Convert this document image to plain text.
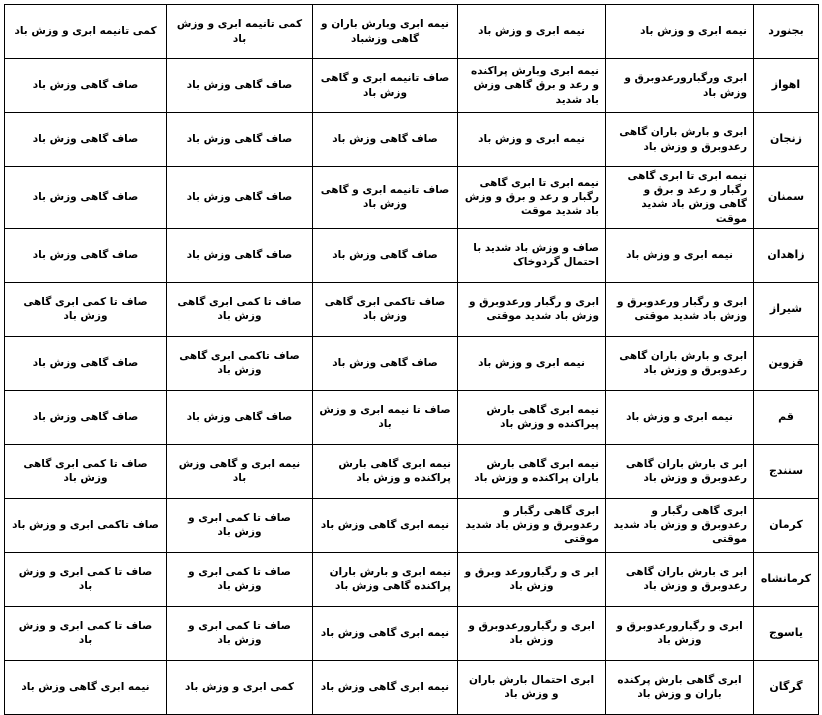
بجنورد	نیمه ابری و وزش باد	نیمه ابری و وزش باد	نیمه ابری وبارش باران و گاهی وزشباد	کمی تانیمه ابری و وزش باد	کمی تانیمه ابری و وزش باد
اهواز	ابری ورگبارورعدوبرق و وزش باد	نیمه ابری وبارش پراکنده و رعد و برق گاهی وزش باد شدید	صاف تانیمه ابری و گاهی وزش باد	صاف گاهی وزش باد	صاف گاهی وزش باد
زنجان	ابری و بارش باران گاهی رعدوبرق و وزش باد	نیمه ابری و وزش باد	صاف گاهی وزش باد	صاف گاهی وزش باد	صاف گاهی وزش باد
سمنان	نیمه ابری تا ابری گاهی رگبار و رعد و برق و گاهی وزش باد شدید موقت	نیمه ابری تا ابری گاهی رگبار و رعد و برق و وزش باد شدید موقت	صاف تانیمه ابری و گاهی وزش باد	صاف گاهی وزش باد	صاف گاهی وزش باد
زاهدان	نیمه ابری و وزش باد	صاف و وزش باد شدید با احتمال گردوخاک	صاف گاهی وزش باد	صاف گاهی وزش باد	صاف گاهی وزش باد
شیراز	ابری و رگبار ورعدوبرق و وزش باد شدید موقتی	ابری و رگبار ورعدوبرق و وزش باد شدید موقتی	صاف تاکمی ابری گاهی وزش باد	صاف تا کمی ابری گاهی وزش باد	صاف تا کمی ابری گاهی وزش باد
قزوین	ابری و بارش باران گاهی رعدوبرق و وزش باد	نیمه ابری و وزش باد	صاف گاهی وزش باد	صاف تاکمی ابری گاهی وزش باد	صاف گاهی وزش باد
قم	نیمه ابری و وزش باد	نیمه ابری گاهی بارش پیراکنده و وزش باد	صاف تا نیمه ابری و وزش باد	صاف گاهی وزش باد	صاف گاهی وزش باد
سنندج	ابر ی بارش باران گاهی رعدوبرق و وزش باد	نیمه ابری گاهی بارش باران پراکنده و وزش باد	نیمه ابری گاهی بارش پراکنده و وزش باد	نیمه ابری و گاهی وزش باد	صاف تا کمی ابری گاهی وزش باد
کرمان	ابری گاهی رگبار و رعدوبرق و وزش باد شدید موقتی	ابری گاهی رگبار و رعدوبرق و وزش باد شدید موقتی	نیمه ابری گاهی وزش باد	صاف تا کمی ابری و وزش باد	صاف تاکمی ابری و وزش باد
کرمانشاه	ابر ی بارش باران گاهی رعدوبرق و وزش باد	ابر ی و رگبارورعد وبرق و وزش باد	نیمه ابری و بارش باران پراکنده گاهی وزش باد	صاف تا کمی ابری و وزش باد	صاف تا کمی ابری و وزش باد
یاسوج	ابری و رگبارورعدوبرق و وزش باد	ابری و رگبارورعدوبرق و وزش باد	نیمه ابری گاهی وزش باد	صاف تا کمی ابری و وزش باد	صاف تا کمی ابری و وزش باد
گرگان	ابری گاهی بارش پرکنده باران و وزش باد	ابری احتمال بارش باران و وزش باد	نیمه ابری گاهی وزش باد	کمی ابری و وزش باد	نیمه ابری گاهی وزش باد
